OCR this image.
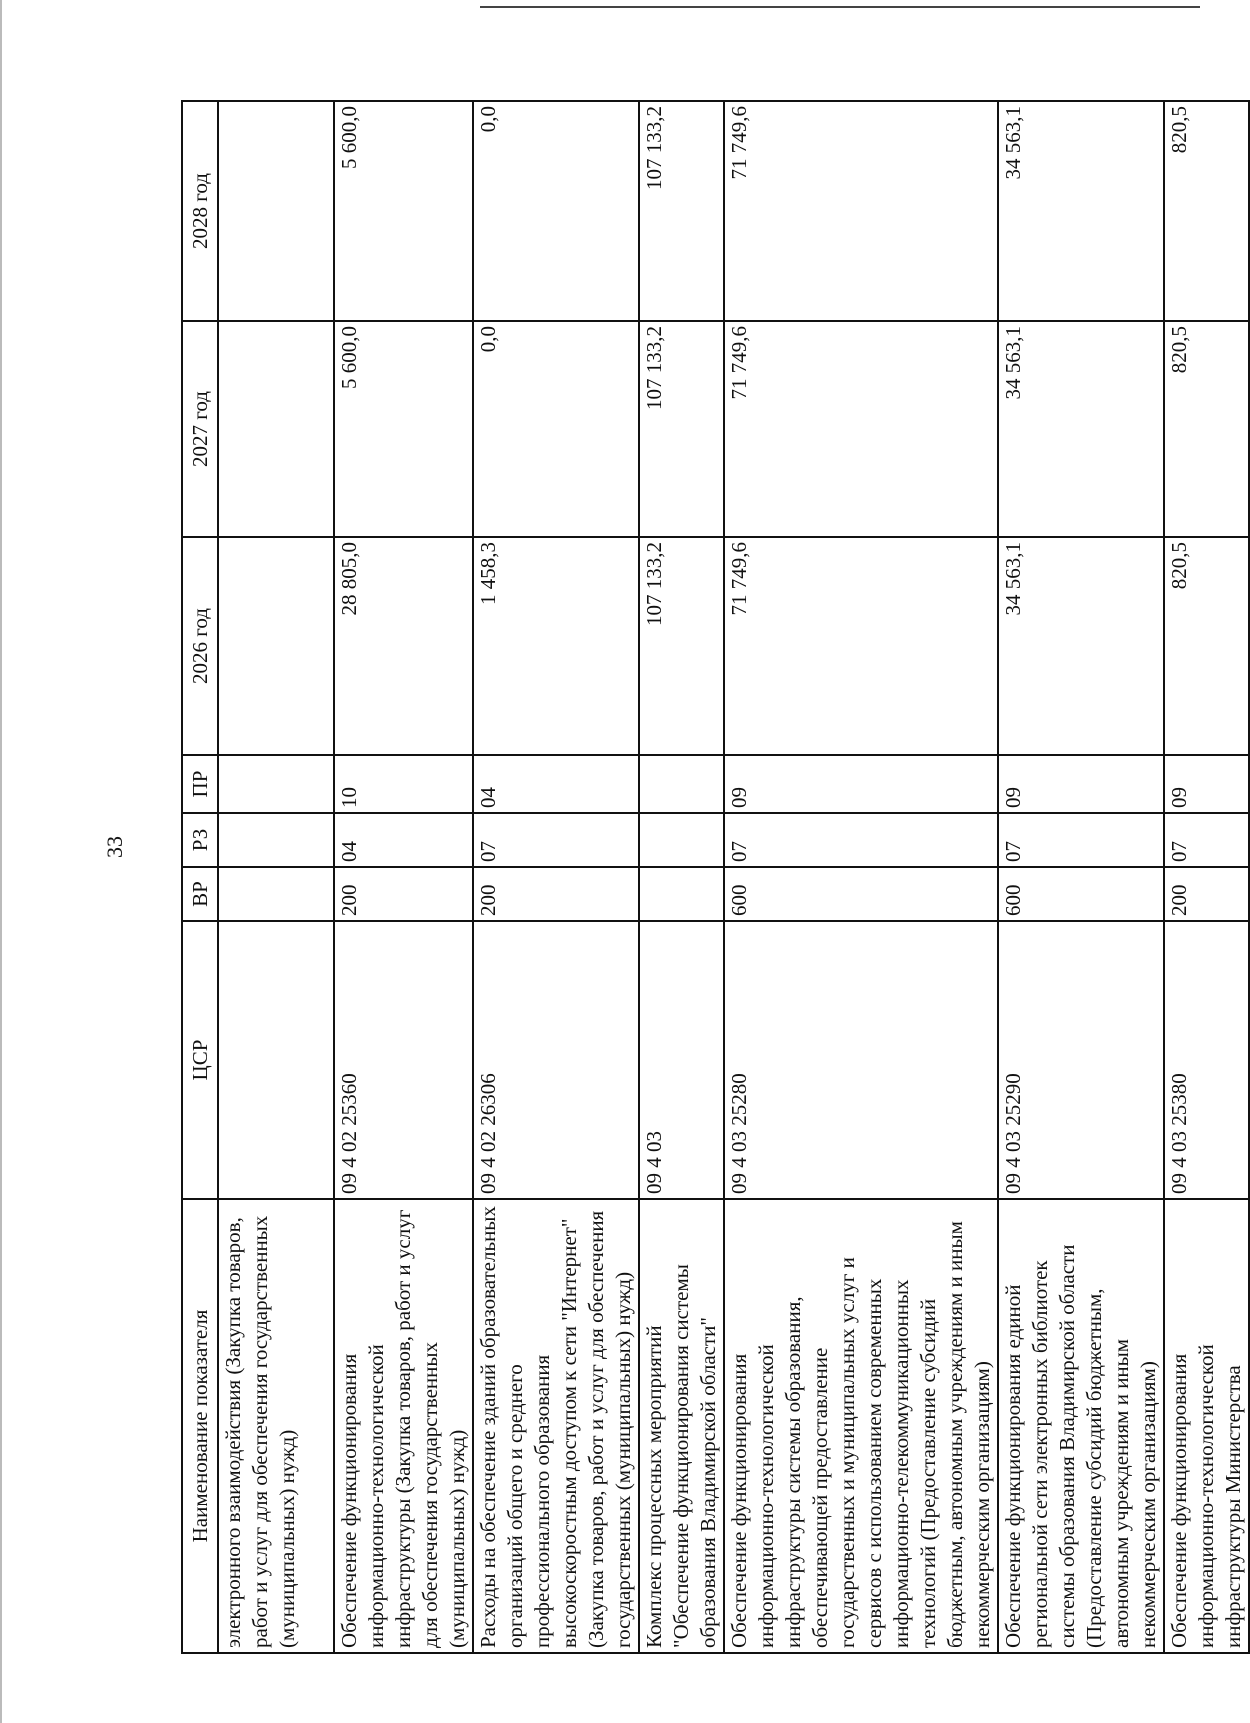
33
Наименование показателя	ЦСР	ВР	РЗ	ПР	2026 год	2027 год	2028 год
электронного взаимодействия (Закупка товаров, работ и услуг для обеспечения государственных (муниципальных) нужд)							
Обеспечение функционирования информационно-технологической инфраструктуры (Закупка товаров, работ и услуг для обеспечения государственных (муниципальных) нужд)	09 4 02 25360	200	04	10	28 805,0	5 600,0	5 600,0
Расходы на обеспечение зданий образовательных организаций общего и среднего профессионального образования высокоскоростным доступом к сети "Интернет" (Закупка товаров, работ и услуг для обеспечения государственных (муниципальных) нужд)	09 4 02 26306	200	07	04	1 458,3	0,0	0,0
Комплекс процессных мероприятий "Обеспечение функционирования системы образования Владимирской области"	09 4 03				107 133,2	107 133,2	107 133,2
Обеспечение функционирования информационно-технологической инфраструктуры системы образования, обеспечивающей предоставление государственных и муниципальных услуг и сервисов с использованием современных информационно-телекоммуникационных технологий (Предоставление субсидий бюджетным, автономным учреждениям и иным некоммерческим организациям)	09 4 03 25280	600	07	09	71 749,6	71 749,6	71 749,6
Обеспечение функционирования единой региональной сети электронных библиотек системы образования Владимирской области (Предоставление субсидий бюджетным, автономным учреждениям и иным некоммерческим организациям)	09 4 03 25290	600	07	09	34 563,1	34 563,1	34 563,1
Обеспечение функционирования информационно-технологической инфраструктуры Министерства	09 4 03 25380	200	07	09	820,5	820,5	820,5
